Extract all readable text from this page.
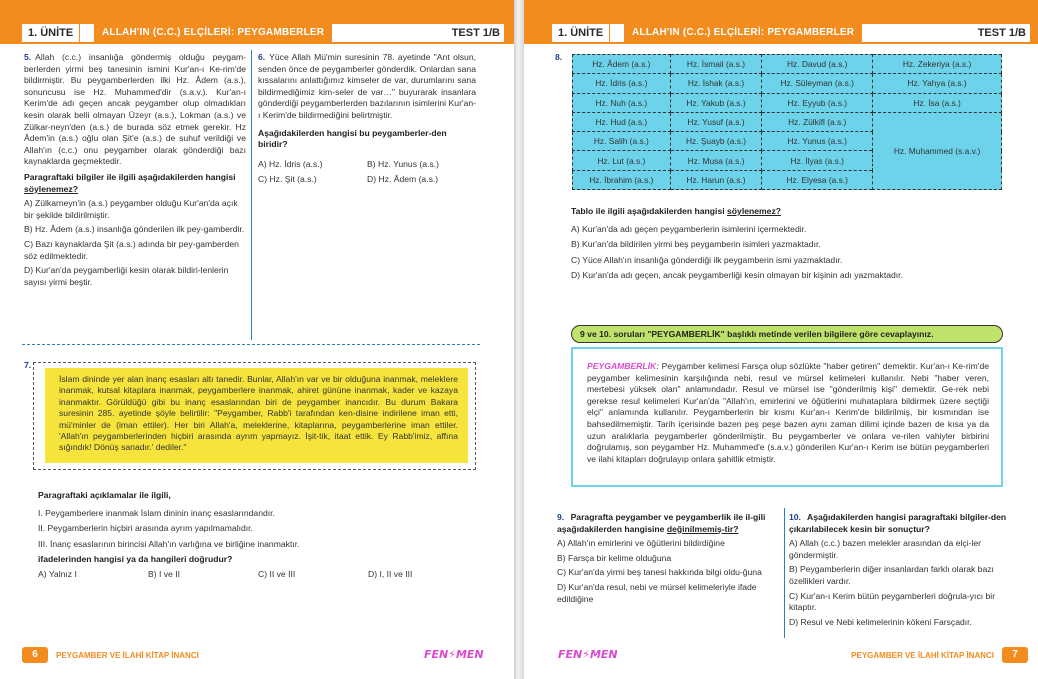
1. ÜNİTE	ALLAH'IN (C.C.) ELÇİLERİ: PEYGAMBERLER	TEST 1/B
5. Allah (c.c.) insanlığa göndermiş olduğu peygam-berlerden yirmi beş tanesinin ismini Kur'an-ı Ke-rim'de bildirmiştir. Bu peygamberlerden ilki Hz. Âdem (a.s.), sonuncusu ise Hz. Muhammed'dir (s.a.v.). Kur'an-ı Kerim'de adı geçen ancak peygamber olup olmadıkları kesin olarak belli olmayan Üzeyr (a.s.), Lokman (a.s.) ve Zülkar-neyn'den (a.s.) de burada söz etmek gerekir. Hz Âdem'in (a.s.) oğlu olan Şit'e (a.s.) de suhuf verildiği ve Allah'ın (c.c.) onu peygamber olarak gönderdiği bazı kaynaklarda geçmektedir.
Paragraftaki bilgiler ile ilgili aşağıdakilerden hangisi söylenemez?
A) Zülkarneyn'in (a.s.) peygamber olduğu Kur'an'da açık bir şekilde bildirilmiştir.
B) Hz. Âdem (a.s.) insanlığa gönderilen ilk pey-gamberdir.
C) Bazı kaynaklarda Şit (a.s.) adında bir pey-gamberden söz edilmektedir.
D) Kur'an'da peygamberliği kesin olarak bildiri-lenlerin sayısı yirmi beştir.
6. Yüce Allah Mü'min suresinin 78. ayetinde "Ant olsun, senden önce de peygamberler gönderdik. Onlardan sana kıssalarını anlattığımız kimseler de var, durumlarını sana bildirmediğimiz kim-seler de var…" buyurarak insanlara gönderdiği peygamberlerden bazılarının isimlerini Kur'an-ı Kerim'de bildirmediğini belirtmiştir.
Aşağıdakilerden hangisi bu peygamberler-den biridir?
A) Hz. İdris (a.s.)	B) Hz. Yunus (a.s.)
C) Hz. Şit (a.s.)	D) Hz. Âdem (a.s.)
7.
İslam dininde yer alan inanç esasları altı tanedir. Bunlar, Allah'ın var ve bir olduğuna inanmak, meleklere inanmak, kutsal kitaplara inanmak, peygamberlere inanmak, ahiret gününe inanmak, kader ve kazaya inanmaktır. Görüldüğü gibi bu inanç esaslarından biri de peygamber inancıdır. Bu durum Bakara suresinin 285. ayetinde şöyle belirtilir: "Peygamber, Rabb'i tarafından ken-disine indirilene iman etti, mü'minler de (iman ettiler). Her biri Allah'a, meleklerine, kitaplarına, peygamberlerine iman ettiler. 'Allah'ın peygamberlerinden hiçbiri arasında ayrım yapmayız. İşit-tik, itaat ettik. Ey Rabb'imiz, affına sığındık! Dönüş sanadır.' dediler."
Paragraftaki açıklamalar ile ilgili,
I. Peygamberlere inanmak İslam dininin inanç esaslarındandır.
II. Peygamberlerin hiçbiri arasında ayrım yapılmamalıdır.
III. İnanç esaslarının birincisi Allah'ın varlığına ve birliğine inanmaktır.
ifadelerinden hangisi ya da hangileri doğrudur?
A) Yalnız I	B) I ve II	C) II ve III	D) I, II ve III
6	PEYGAMBER VE İLAHİ KİTAP İNANCI	FEN⚡MEN
1. ÜNİTE	ALLAH'IN (C.C.) ELÇİLERİ: PEYGAMBERLER	TEST 1/B
8.
Hz. Âdem (a.s.)	Hz. İsmail (a.s.)	Hz. Davud (a.s.)	Hz. Zekeriya (a.s.)
Hz. İdris (a.s.)	Hz. İshak (a.s.)	Hz. Süleyman (a.s.)	Hz. Yahya (a.s.)
Hz. Nuh (a.s.)	Hz. Yakub (a.s.)	Hz. Eyyub (a.s.)	Hz. İsa (a.s.)
Hz. Hud (a.s.)	Hz. Yusuf (a.s.)	Hz. Zülkifl (a.s.)	Hz. Muhammed (s.a.v.)
Hz. Salih (a.s.)	Hz. Şuayb (a.s.)	Hz. Yunus (a.s.)	
Hz. Lut (a.s.)	Hz. Musa (a.s.)	Hz. İlyas (a.s.)	
Hz. İbrahim (a.s.)	Hz. Harun (a.s.)	Hz. Elyesa (a.s.)	
Tablo ile ilgili aşağıdakilerden hangisi söylenemez?
A) Kur'an'da adı geçen peygamberlerin isimlerini içermektedir.
B) Kur'an'da bildirilen yirmi beş peygamberin isimleri yazmaktadır.
C) Yüce Allah'ın insanlığa gönderdiği ilk peygamberin ismi yazmaktadır.
D) Kur'an'da adı geçen, ancak peygamberliği kesin olmayan bir kişinin adı yazmaktadır.
9 ve 10. soruları "PEYGAMBERLİK" başlıklı metinde verilen bilgilere göre cevaplayınız.
PEYGAMBERLİK: Peygamber kelimesi Farsça olup sözlükte "haber getiren" demektir. Kur'an-ı Ke-rim'de peygamber kelimesinin karşılığında nebi, resul ve mürsel kelimeleri kullanılır. Nebi "haber veren, mertebesi yüksek olan" anlamındadır. Resul ve mürsel ise "gönderilmiş kişi" demektir. Ge-rek nebi gerekse resul kelimeleri Kur'an'da "Allah'ın, emirlerini ve öğütlerini muhataplara bildirmek üzere seçtiği elçi" anlamında kullanılır. Peygamberlerin bir kısmı Kur'an-ı Kerim'de bildirilmiş, bir kısmından ise bahsedilmemiştir. Tarih içerisinde bazen peş peşe bazen aynı zaman dilimi içinde bazen de kısa ya da uzun aralıklarla peygamberler gönderilmiştir. Bu peygamberler ve onlara ve-rilen vahiyler birbirini doğrulamış, son peygamber Hz. Muhammed'e (s.a.v.) gönderilen Kur'an-ı Kerim ise bütün peygamberleri ve ilahi kitapları doğrulayıp onlara şahitlik etmiştir.
9. Paragrafta peygamber ve peygamberlik ile il-gili aşağıdakilerden hangisine değinilmemiş-tir?
A) Allah'ın emirlerini ve öğütlerini bildirdiğine
B) Farsça bir kelime olduğuna
C) Kur'an'da yirmi beş tanesi hakkında bilgi oldu-ğuna
D) Kur'an'da resul, nebi ve mürsel kelimeleriyle ifade edildiğine
10. Aşağıdakilerden hangisi paragraftaki bilgiler-den çıkarılabilecek kesin bir sonuçtur?
A) Allah (c.c.) bazen melekler arasından da elçi-ler göndermiştir.
B) Peygamberlerin diğer insanlardan farklı olarak bazı özellikleri vardır.
C) Kur'an-ı Kerim bütün peygamberleri doğrula-yıcı bir kitaptır.
D) Resul ve Nebi kelimelerinin kökeni Farsçadır.
FEN⚡MEN	PEYGAMBER VE İLAHİ KİTAP İNANCI	7
